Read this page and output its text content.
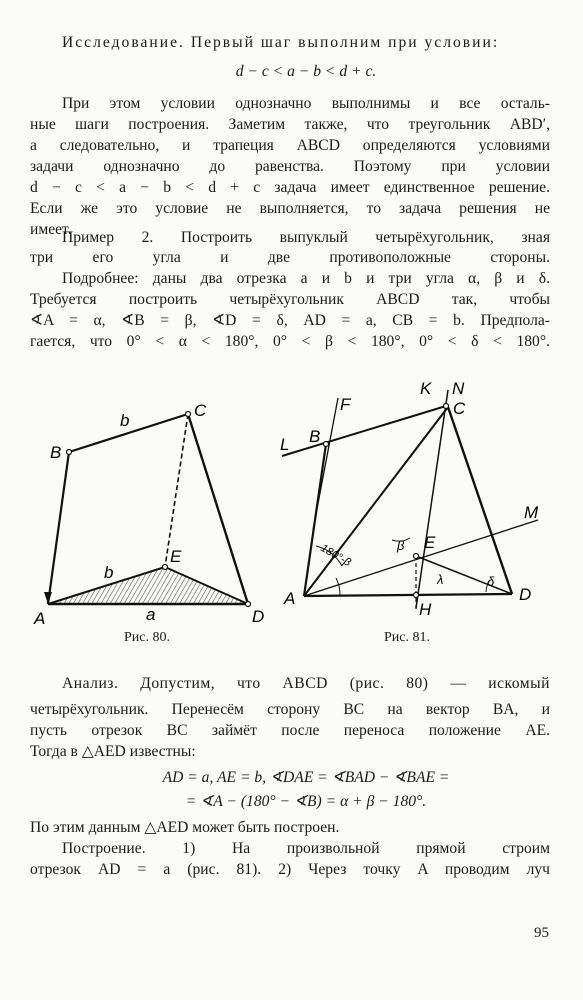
Исследование. Первый шаг выполним при условии:
d − c < a − b < d + c.
При этом условии однозначно выполнимы и все осталь-
ные шаги построения. Заметим также, что треугольник ABD′,
а следовательно, и трапеция ABCD определяются условиями
задачи однозначно до равенства. Поэтому при условии
d − c < a − b < d + c задача имеет единственное решение.
Если же это условие не выполняется, то задача решения не
имеет.
Пример 2. Построить выпуклый четырёхугольник, зная
три его угла и две противоположные стороны.
Подробнее: даны два отрезка a и b и три угла α, β и δ.
Требуется построить четырёхугольник ABCD так, чтобы
∢A = α, ∢B = β, ∢D = δ, AD = a, CB = b. Предпола-
гается, что 0° < α < 180°, 0° < β < 180°, 0° < δ < 180°.
A
B
C
D
E
a
b
b
A
B
C
D
E
H
K N
F
L
M
180°-β	β
λ	δ
Рис. 80.	Рис. 81.
Анализ. Допустим, что ABCD (рис. 80) — искомый
четырёхугольник. Перенесём сторону BC на вектор BA, и
пусть отрезок BC займёт после переноса положение AE.
Тогда в △AED известны:
AD = a, AE = b, ∢DAE = ∢BAD − ∢BAE =
= ∢A − (180° − ∢B) = α + β − 180°.
По этим данным △AED может быть построен.
Построение. 1) На произвольной прямой строим
отрезок AD = a (рис. 81). 2) Через точку A проводим луч
95
